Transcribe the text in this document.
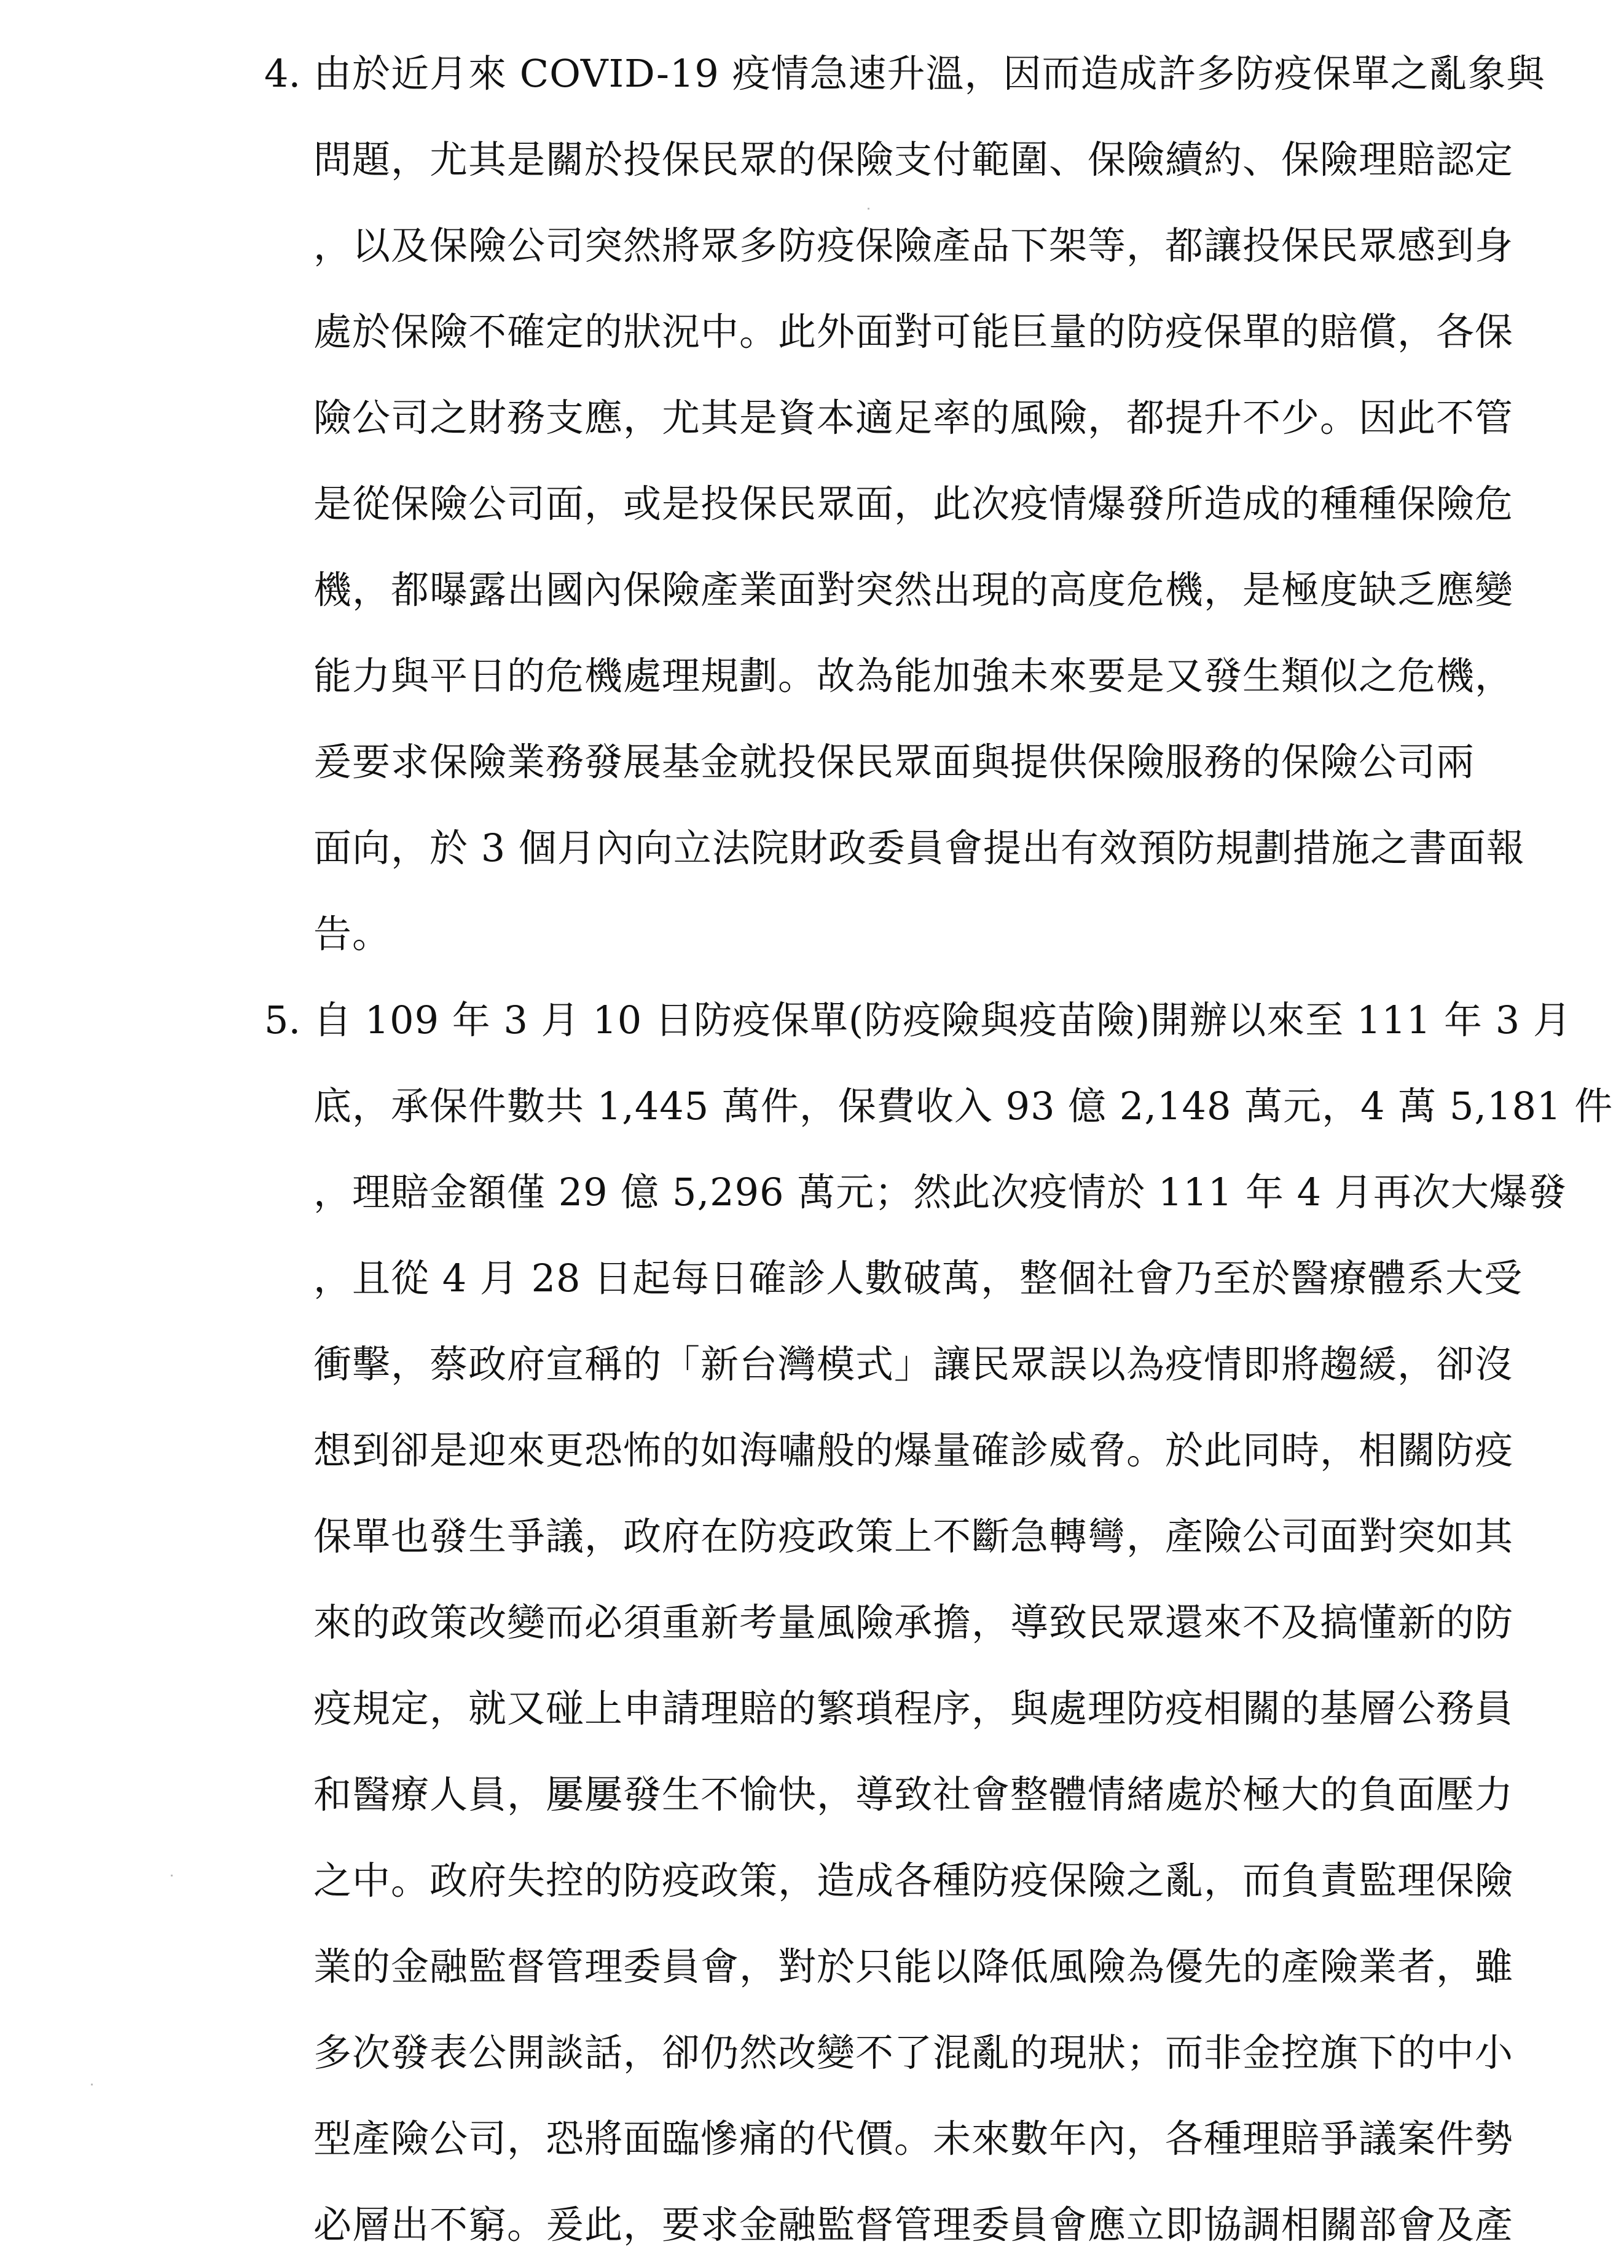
4. 由於近月來 COVID-19 疫情急速升溫，因而造成許多防疫保單之亂象與
問題，尤其是關於投保民眾的保險支付範圍、保險續約、保險理賠認定
，以及保險公司突然將眾多防疫保險產品下架等，都讓投保民眾感到身
處於保險不確定的狀況中。此外面對可能巨量的防疫保單的賠償，各保
險公司之財務支應，尤其是資本適足率的風險，都提升不少。因此不管
是從保險公司面，或是投保民眾面，此次疫情爆發所造成的種種保險危
機，都曝露出國內保險產業面對突然出現的高度危機，是極度缺乏應變
能力與平日的危機處理規劃。故為能加強未來要是又發生類似之危機，
爰要求保險業務發展基金就投保民眾面與提供保險服務的保險公司兩
面向，於 3 個月內向立法院財政委員會提出有效預防規劃措施之書面報
告。
5. 自 109 年 3 月 10 日防疫保單(防疫險與疫苗險)開辦以來至 111 年 3 月
底，承保件數共 1,445 萬件，保費收入 93 億 2,148 萬元，4 萬 5,181 件
，理賠金額僅 29 億 5,296 萬元；然此次疫情於 111 年 4 月再次大爆發
，且從 4 月 28 日起每日確診人數破萬，整個社會乃至於醫療體系大受
衝擊，蔡政府宣稱的「新台灣模式」讓民眾誤以為疫情即將趨緩，卻沒
想到卻是迎來更恐怖的如海嘯般的爆量確診威脅。於此同時，相關防疫
保單也發生爭議，政府在防疫政策上不斷急轉彎，產險公司面對突如其
來的政策改變而必須重新考量風險承擔，導致民眾還來不及搞懂新的防
疫規定，就又碰上申請理賠的繁瑣程序，與處理防疫相關的基層公務員
和醫療人員，屢屢發生不愉快，導致社會整體情緒處於極大的負面壓力
之中。政府失控的防疫政策，造成各種防疫保險之亂，而負責監理保險
業的金融監督管理委員會，對於只能以降低風險為優先的產險業者，雖
多次發表公開談話，卻仍然改變不了混亂的現狀；而非金控旗下的中小
型產險公司，恐將面臨慘痛的代價。未來數年內，各種理賠爭議案件勢
必層出不窮。爰此，要求金融監督管理委員會應立即協調相關部會及產
